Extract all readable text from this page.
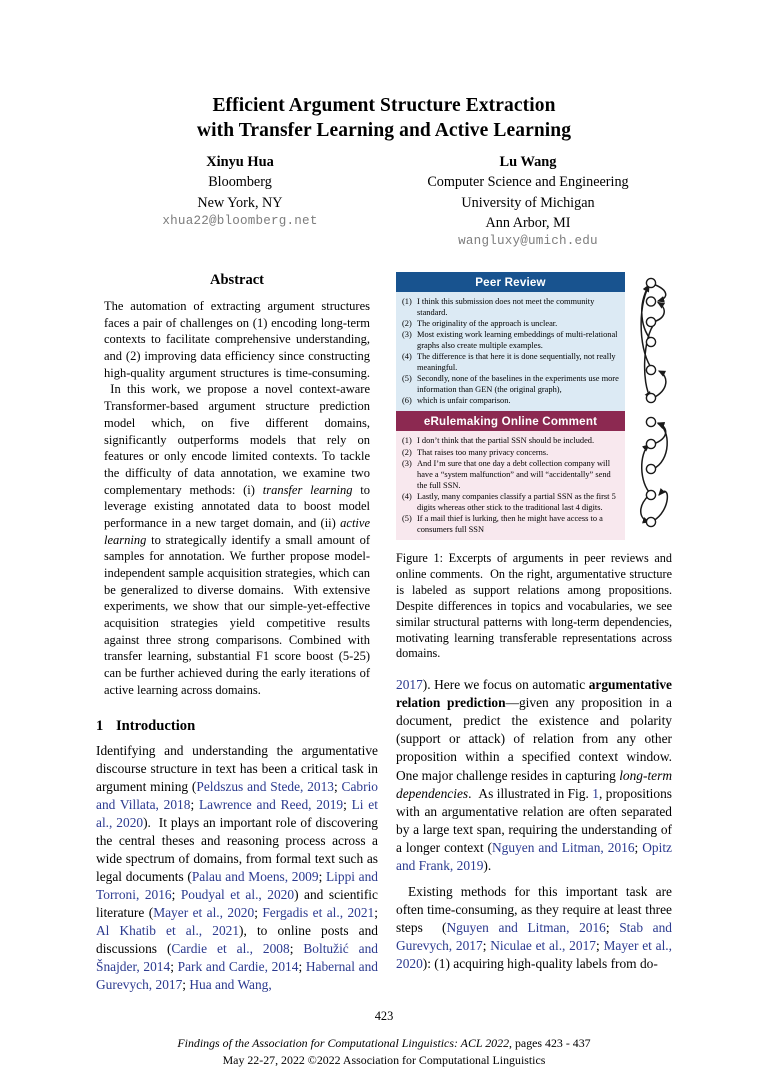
Efficient Argument Structure Extraction
with Transfer Learning and Active Learning
Xinyu Hua
Bloomberg
New York, NY
xhua22@bloomberg.net
Lu Wang
Computer Science and Engineering
University of Michigan
Ann Arbor, MI
wangluxy@umich.edu
Abstract
The automation of extracting argument structures faces a pair of challenges on (1) encoding long-term contexts to facilitate comprehensive understanding, and (2) improving data efficiency since constructing high-quality argument structures is time-consuming.  In this work, we propose a novel context-aware Transformer-based argument structure prediction model which, on five different domains, significantly outperforms models that rely on features or only encode limited contexts. To tackle the difficulty of data annotation, we examine two complementary methods: (i) transfer learning to leverage existing annotated data to boost model performance in a new target domain, and (ii) active learning to strategically identify a small amount of samples for annotation. We further propose model-independent sample acquisition strategies, which can be generalized to diverse domains.  With extensive experiments, we show that our simple-yet-effective acquisition strategies yield competitive results against three strong comparisons. Combined with transfer learning, substantial F1 score boost (5-25) can be further achieved during the early iterations of active learning across domains.
1 Introduction
Identifying and understanding the argumentative discourse structure in text has been a critical task in argument mining (Peldszus and Stede, 2013; Cabrio and Villata, 2018; Lawrence and Reed, 2019; Li et al., 2020).  It plays an important role of discovering the central theses and reasoning process across a wide spectrum of domains, from formal text such as legal documents (Palau and Moens, 2009; Lippi and Torroni, 2016; Poudyal et al., 2020) and scientific literature (Mayer et al., 2020; Fergadis et al., 2021; Al Khatib et al., 2021), to online posts and discussions (Cardie et al., 2008; Boltužić and Šnajder, 2014; Park and Cardie, 2014; Habernal and Gurevych, 2017; Hua and Wang,
Peer Review
(1) I think this submission does not meet the community standard.
(2) The originality of the approach is unclear.
(3) Most existing work learning embeddings of multi-relational graphs also create multiple examples.
(4) The difference is that here it is done sequentially, not really meaningful.
(5) Secondly, none of the baselines in the experiments use more information than GEN (the original graph),
(6) which is unfair comparison.
eRulemaking Online Comment
(1) I don’t think that the partial SSN should be included.
(2) That raises too many privacy concerns.
(3) And I’m sure that one day a debt collection company will have a “system malfunction” and will “accidentally” send the full SSN.
(4) Lastly, many companies classify a partial SSN as the first 5 digits whereas other stick to the traditional last 4 digits.
(5) If a mail thief is lurking, then he might have access to a consumers full SSN
Figure 1: Excerpts of arguments in peer reviews and online comments.  On the right, argumentative structure is labeled as support relations among propositions. Despite differences in topics and vocabularies, we see similar structural patterns with long-term dependencies, motivating learning transferable representations across domains.
2017). Here we focus on automatic argumentative relation prediction—given any proposition in a document, predict the existence and polarity (support or attack) of relation from any other proposition within a specified context window. One major challenge resides in capturing long-term dependencies.  As illustrated in Fig. 1, propositions with an argumentative relation are often separated by a large text span, requiring the understanding of a longer context (Nguyen and Litman, 2016; Opitz and Frank, 2019).
Existing methods for this important task are often time-consuming, as they require at least three steps  (Nguyen and Litman, 2016; Stab and Gurevych, 2017; Niculae et al., 2017; Mayer et al., 2020): (1) acquiring high-quality labels from do-
423
Findings of the Association for Computational Linguistics: ACL 2022, pages 423 - 437
May 22-27, 2022 ©2022 Association for Computational Linguistics
